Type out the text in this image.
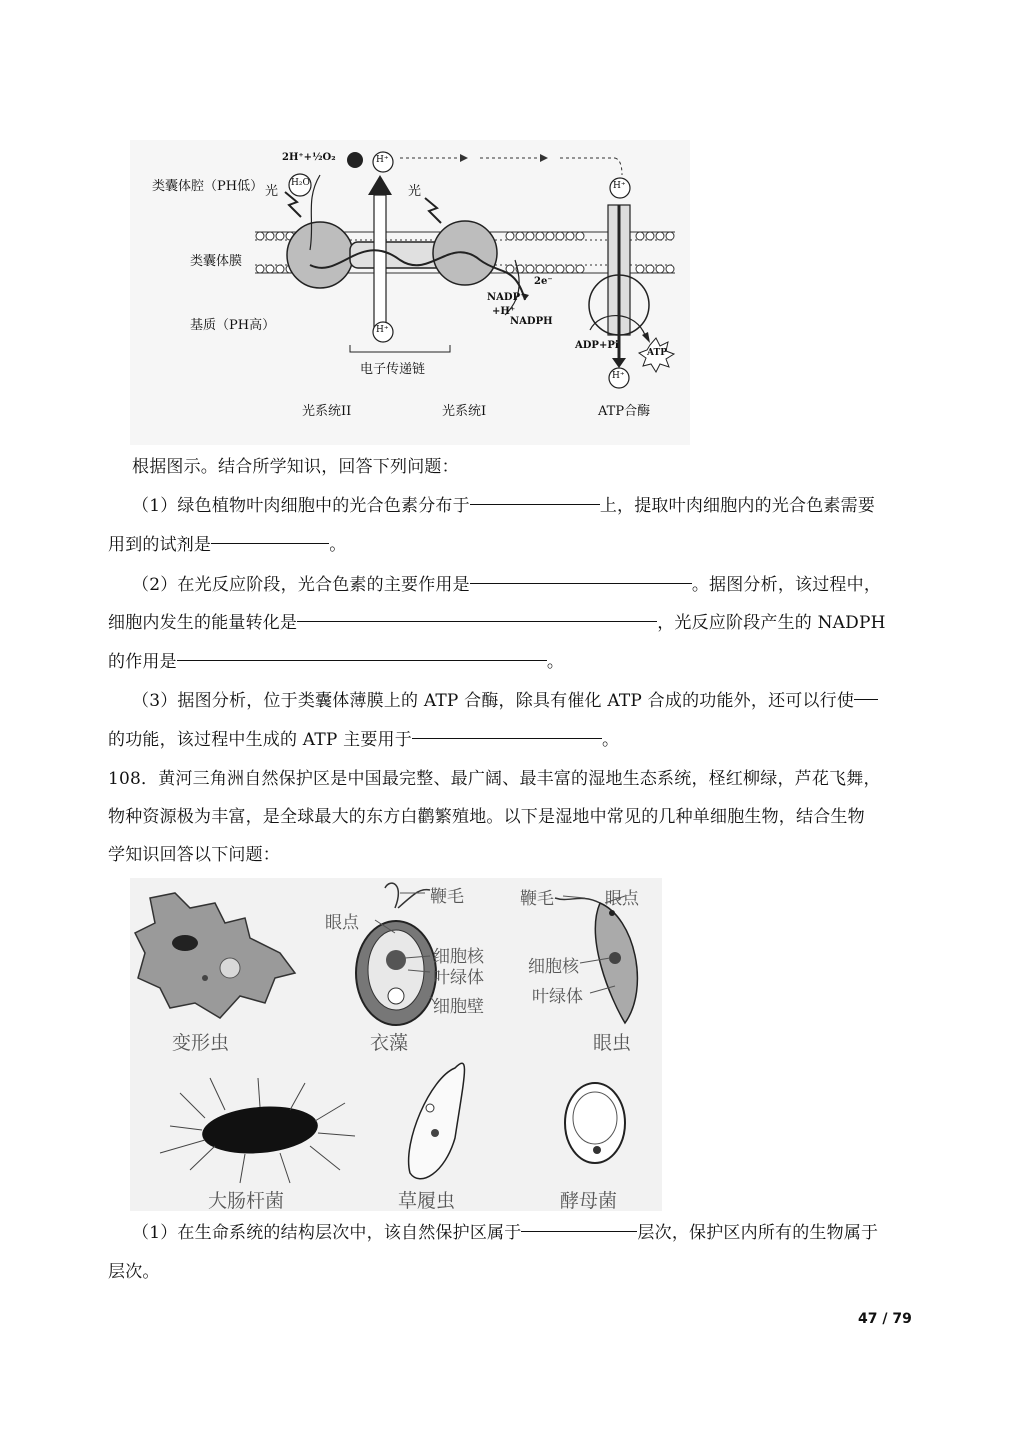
类囊体腔（PH低）
类囊体膜
基质（PH高）
光	光
H₂O
2H⁺+½O₂	H⁺
H⁺
H⁺
H⁺
2e⁻
NADP⁺
+H⁺
NADPH
ADP+Pi
ATP
电子传递链
光系统II	光系统I	ATP合酶
根据图示。结合所学知识，回答下列问题：
（1）绿色植物叶肉细胞中的光合色素分布于	上，提取叶肉细胞内的光合色素需要
用到的试剂是	。
（2）在光反应阶段，光合色素的主要作用是	。据图分析，该过程中，
细胞内发生的能量转化是	，光反应阶段产生的 NADPH
的作用是	。
（3）据图分析，位于类囊体薄膜上的 ATP 合酶，除具有催化 ATP 合成的功能外，还可以行使
的功能，该过程中生成的 ATP 主要用于	。
108．黄河三角洲自然保护区是中国最完整、最广阔、最丰富的湿地生态系统，柽红柳绿，芦花飞舞，
物种资源极为丰富，是全球最大的东方白鹳繁殖地。以下是湿地中常见的几种单细胞生物，结合生物
学知识回答以下问题：
鞭毛
眼点
细胞核
叶绿体
细胞壁
鞭毛	眼点
细胞核
叶绿体
变形虫	衣藻	眼虫
大肠杆菌	草履虫	酵母菌
（1）在生命系统的结构层次中，该自然保护区属于	层次，保护区内所有的生物属于
层次。
47 / 79
